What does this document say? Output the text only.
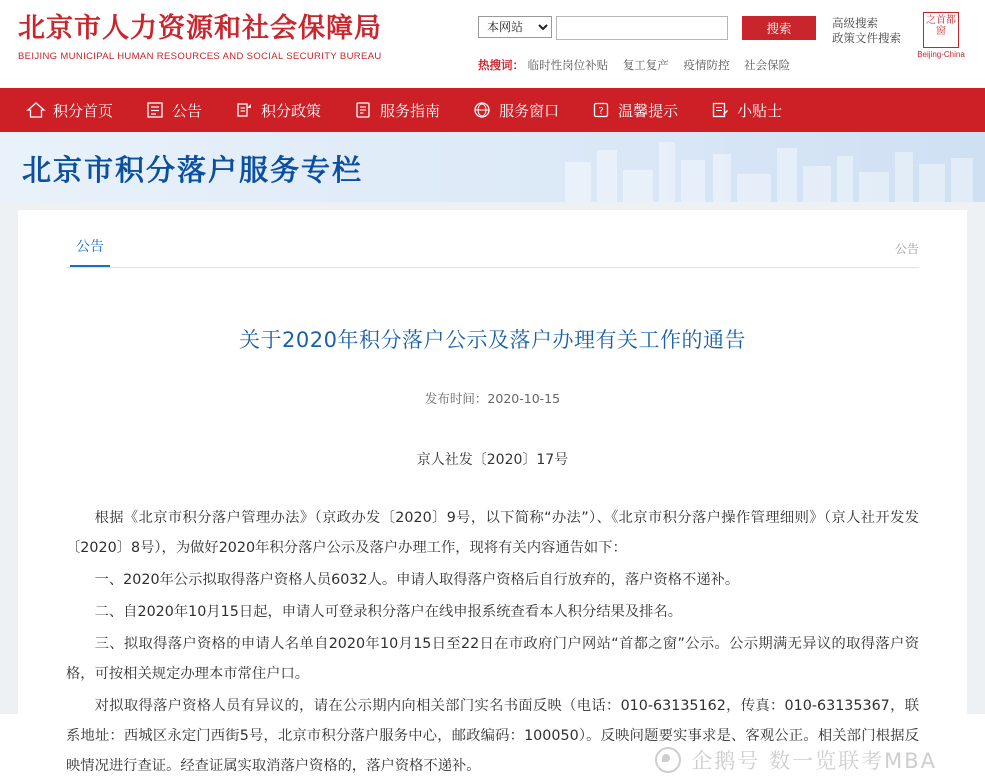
北京市人力资源和社会保障局
BEIJING MUNICIPAL HUMAN RESOURCES AND SOCIAL SECURITY BUREAU
本网站
搜索	高级搜索
政策文件搜索
热搜词： 临时性岗位补贴 复工复产 疫情防控 社会保险
之首都窗
Beijing-China
积分首页	公告	积分政策	服务指南	服务窗口	? 温馨提示	小贴士
北京市积分落户服务专栏
公告	公告
关于2020年积分落户公示及落户办理有关工作的通告
发布时间：2020-10-15
京人社发〔2020〕17号

根据《北京市积分落户管理办法》（京政办发〔2020〕9号，以下简称“办法”）、《北京市积分落户操作管理细则》（京人社开发发〔2020〕8号），为做好2020年积分落户公示及落户办理工作，现将有关内容通告如下：

一、2020年公示拟取得落户资格人员6032人。申请人取得落户资格后自行放弃的，落户资格不递补。

二、自2020年10月15日起，申请人可登录积分落户在线申报系统查看本人积分结果及排名。

三、拟取得落户资格的申请人名单自2020年10月15日至22日在市政府门户网站“首都之窗”公示。公示期满无异议的取得落户资格，可按相关规定办理本市常住户口。

对拟取得落户资格人员有异议的，请在公示期内向相关部门实名书面反映（电话：010-63135162，传真：010-63135367，联系地址：西城区永定门西街5号，北京市积分落户服务中心，邮政编码：100050）。反映问题要实事求是、客观公正。相关部门根据反映情况进行查证。经查证属实取消落户资格的，落户资格不递补。	企鹅号 数一览联考MBA
